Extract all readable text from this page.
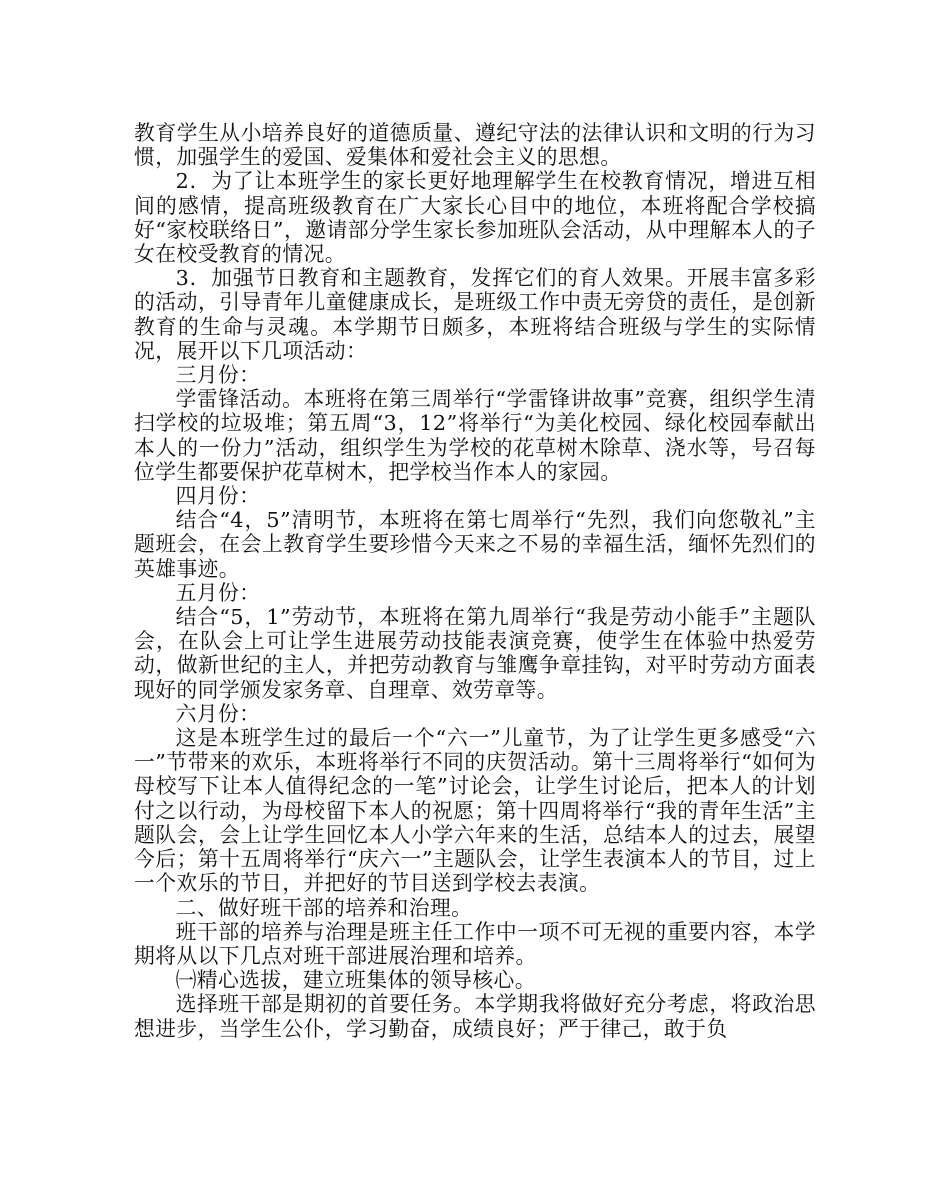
教育学生从小培养良好的道德质量、遵纪守法的法律认识和文明的行为习惯，加强学生的爱国、爱集体和爱社会主义的思想。

2．为了让本班学生的家长更好地理解学生在校教育情况，增进互相间的感情，提高班级教育在广大家长心目中的地位，本班将配合学校搞好“家校联络日”，邀请部分学生家长参加班队会活动，从中理解本人的子女在校受教育的情况。

3．加强节日教育和主题教育，发挥它们的育人效果。开展丰富多彩的活动，引导青年儿童健康成长，是班级工作中责无旁贷的责任，是创新教育的生命与灵魂。本学期节日颇多，本班将结合班级与学生的实际情况，展开以下几项活动：

三月份：

学雷锋活动。本班将在第三周举行“学雷锋讲故事”竞赛，组织学生清扫学校的垃圾堆；第五周“3，12”将举行“为美化校园、绿化校园奉献出本人的一份力”活动，组织学生为学校的花草树木除草、浇水等，号召每位学生都要保护花草树木，把学校当作本人的家园。

四月份：

结合“4，5”清明节，本班将在第七周举行“先烈，我们向您敬礼”主题班会，在会上教育学生要珍惜今天来之不易的幸福生活，缅怀先烈们的英雄事迹。

五月份：

结合“5，1”劳动节，本班将在第九周举行“我是劳动小能手”主题队会，在队会上可让学生进展劳动技能表演竞赛，使学生在体验中热爱劳动，做新世纪的主人，并把劳动教育与雏鹰争章挂钩，对平时劳动方面表现好的同学颁发家务章、自理章、效劳章等。

六月份：

这是本班学生过的最后一个“六一”儿童节，为了让学生更多感受“六一”节带来的欢乐，本班将举行不同的庆贺活动。第十三周将举行“如何为母校写下让本人值得纪念的一笔”讨论会，让学生讨论后，把本人的计划付之以行动，为母校留下本人的祝愿；第十四周将举行“我的青年生活”主题队会，会上让学生回忆本人小学六年来的生活，总结本人的过去，展望今后；第十五周将举行“庆六一”主题队会，让学生表演本人的节目，过上一个欢乐的节日，并把好的节目送到学校去表演。

二、做好班干部的培养和治理。

班干部的培养与治理是班主任工作中一项不可无视的重要内容，本学期将从以下几点对班干部进展治理和培养。

㈠精心选拔，建立班集体的领导核心。

选择班干部是期初的首要任务。本学期我将做好充分考虑，将政治思想进步，当学生公仆，学习勤奋，成绩良好；严于律己，敢于负
